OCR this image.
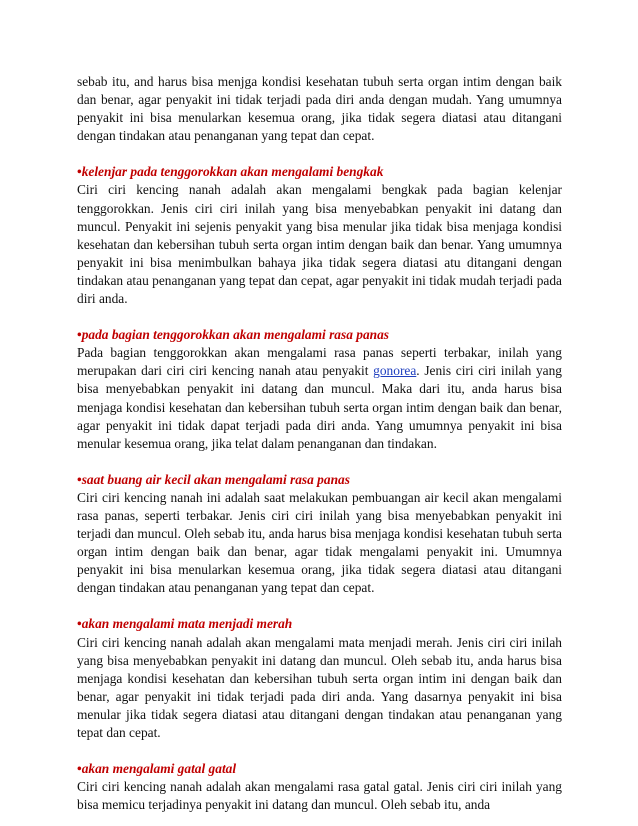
sebab itu, and harus bisa menjga kondisi kesehatan tubuh serta organ intim dengan baik dan benar, agar penyakit ini tidak terjadi pada diri anda dengan mudah. Yang umumnya penyakit ini bisa menularkan kesemua orang, jika tidak segera diatasi atau ditangani dengan tindakan atau penanganan yang tepat dan cepat.

•kelenjar pada tenggorokkan akan mengalami bengkak

Ciri ciri kencing nanah adalah akan mengalami bengkak pada bagian kelenjar tenggorokkan. Jenis ciri ciri inilah yang bisa menyebabkan penyakit ini datang dan muncul. Penyakit ini sejenis penyakit yang bisa menular jika tidak bisa menjaga kondisi kesehatan dan kebersihan tubuh serta organ intim dengan baik dan benar. Yang umumnya penyakit ini bisa menimbulkan bahaya jika tidak segera diatasi atu ditangani dengan tindakan atau penanganan yang tepat dan cepat, agar penyakit ini tidak mudah terjadi pada diri anda.

•pada bagian tenggorokkan akan mengalami rasa panas

Pada bagian tenggorokkan akan mengalami rasa panas seperti terbakar, inilah yang merupakan dari ciri ciri kencing nanah atau penyakit gonorea. Jenis ciri ciri inilah yang bisa menyebabkan penyakit ini datang dan muncul. Maka dari itu, anda harus bisa menjaga kondisi kesehatan dan kebersihan tubuh serta organ intim dengan baik dan benar, agar penyakit ini tidak dapat terjadi pada diri anda. Yang umumnya penyakit ini bisa menular kesemua orang, jika telat dalam penanganan dan tindakan.

•saat buang air kecil akan mengalami rasa panas

Ciri ciri kencing nanah ini adalah saat melakukan pembuangan air kecil akan mengalami rasa panas, seperti terbakar. Jenis ciri ciri inilah yang bisa menyebabkan penyakit ini terjadi dan muncul. Oleh sebab itu, anda harus bisa menjaga kondisi kesehatan tubuh serta organ intim dengan baik dan benar, agar tidak mengalami penyakit ini. Umumnya penyakit ini bisa menularkan kesemua orang, jika tidak segera diatasi atau ditangani dengan tindakan atau penanganan yang tepat dan cepat.

•akan mengalami mata menjadi merah

Ciri ciri kencing nanah adalah akan mengalami mata menjadi merah. Jenis ciri ciri inilah yang bisa menyebabkan penyakit ini datang dan muncul. Oleh sebab itu, anda harus bisa menjaga kondisi kesehatan dan kebersihan tubuh serta organ intim ini dengan baik dan benar, agar penyakit ini tidak terjadi pada diri anda. Yang dasarnya penyakit ini bisa menular jika tidak segera diatasi atau ditangani dengan tindakan atau penanganan yang tepat dan cepat.

•akan mengalami gatal gatal

Ciri ciri kencing nanah adalah akan mengalami rasa gatal gatal. Jenis ciri ciri inilah yang bisa memicu terjadinya penyakit ini datang dan muncul. Oleh sebab itu, anda
